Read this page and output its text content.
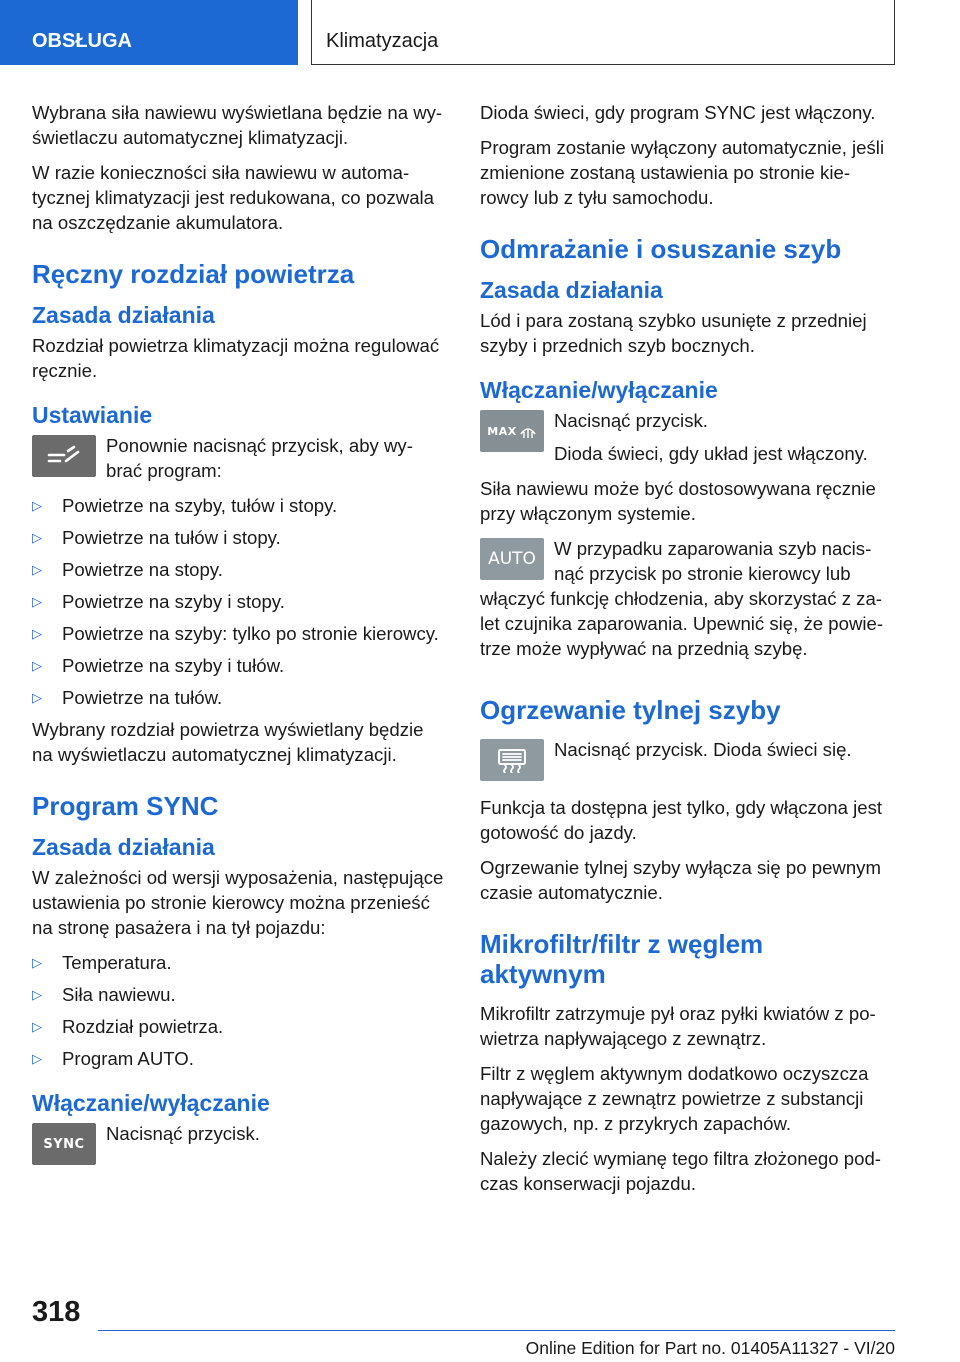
OBSŁUGA	Klimatyzacja

Wybrana siła nawiewu wyświetlana będzie na wy‐świetlaczu automatycznej klimatyzacji.

W razie konieczności siła nawiewu w automa‐tycznej klimatyzacji jest redukowana, co pozwala na oszczędzanie akumulatora.

Ręczny rozdział powietrza
Zasada działania

Rozdział powietrza klimatyzacji można regulować ręcznie.

Ustawianie

Ponownie nacisnąć przycisk, aby wy‐brać program:

▷ Powietrze na szyby, tułów i stopy.
▷ Powietrze na tułów i stopy.
▷ Powietrze na stopy.
▷ Powietrze na szyby i stopy.
▷ Powietrze na szyby: tylko po stronie kierowcy.
▷ Powietrze na szyby i tułów.
▷ Powietrze na tułów.

Wybrany rozdział powietrza wyświetlany będzie na wyświetlaczu automatycznej klimatyzacji.

Program SYNC
Zasada działania

W zależności od wersji wyposażenia, następujące ustawienia po stronie kierowcy można przenieść na stronę pasażera i na tył pojazdu:

▷ Temperatura.
▷ Siła nawiewu.
▷ Rozdział powietrza.
▷ Program AUTO.
Włączanie/wyłączanie
SYNC Nacisnąć przycisk.

Dioda świeci, gdy program SYNC jest włączony.

Program zostanie wyłączony automatycznie, jeśli zmienione zostaną ustawienia po stronie kie‐rowcy lub z tyłu samochodu.

Odmrażanie i osuszanie szyb
Zasada działania

Lód i para zostaną szybko usunięte z przedniej szyby i przednich szyb bocznych.

Włączanie/wyłączanie
MAX Nacisnąć przycisk.

Dioda świeci, gdy układ jest włączony.

Siła nawiewu może być dostosowywana ręcznie przy włączonym systemie.

AUTO W przypadku zaparowania szyb nacis‐nąć przycisk po stronie kierowcy lub włączyć funkcję chłodzenia, aby skorzystać z za‐let czujnika zaparowania. Upewnić się, że powie‐trze może wypływać na przednią szybę.

Ogrzewanie tylnej szyby

Nacisnąć przycisk. Dioda świeci się.

Funkcja ta dostępna jest tylko, gdy włączona jest gotowość do jazdy.

Ogrzewanie tylnej szyby wyłącza się po pewnym czasie automatycznie.

Mikrofiltr/filtr z węglem aktywnym

Mikrofiltr zatrzymuje pył oraz pyłki kwiatów z po‐wietrza napływającego z zewnątrz.

Filtr z węglem aktywnym dodatkowo oczyszcza napływające z zewnątrz powietrze z substancji gazowych, np. z przykrych zapachów.

Należy zlecić wymianę tego filtra złożonego pod‐czas konserwacji pojazdu.

318
Online Edition for Part no. 01405A11327 - VI/20
